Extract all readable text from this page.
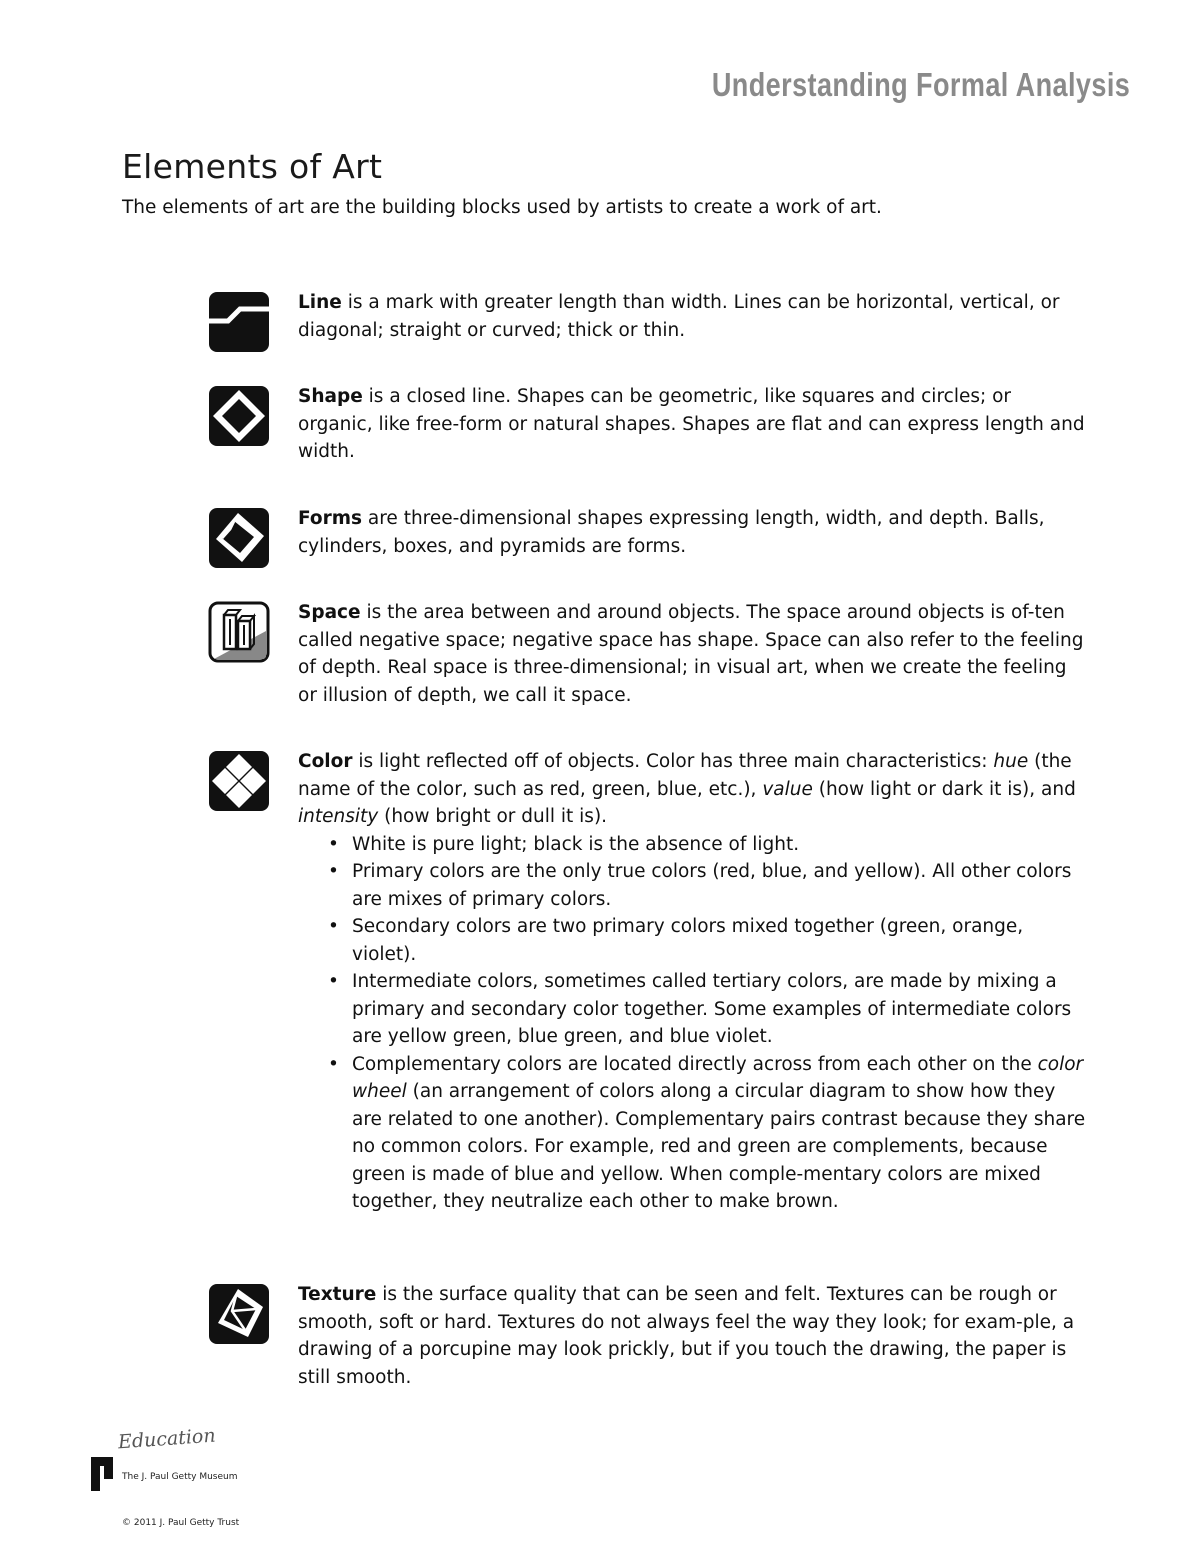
Understanding Formal Analysis
Elements of Art

The elements of art are the building blocks used by artists to create a work of art.

Line is a mark with greater length than width. Lines can be horizontal, vertical, or diagonal; straight or curved; thick or thin.
Shape is a closed line. Shapes can be geometric, like squares and circles; or organic, like free-form or natural shapes. Shapes are flat and can express length and width.
Forms are three-dimensional shapes expressing length, width, and depth. Balls, cylinders, boxes, and pyramids are forms.
Space is the area between and around objects. The space around objects is of-ten called negative space; negative space has shape. Space can also refer to the feeling of depth. Real space is three-dimensional; in visual art, when we create the feeling or illusion of depth, we call it space.
Color is light reflected off of objects. Color has three main characteristics: hue (the name of the color, such as red, green, blue, etc.), value (how light or dark it is), and intensity (how bright or dull it is).
• White is pure light; black is the absence of light.
• Primary colors are the only true colors (red, blue, and yellow). All other colors are mixes of primary colors.
• Secondary colors are two primary colors mixed together (green, orange, violet).
• Intermediate colors, sometimes called tertiary colors, are made by mixing a primary and secondary color together. Some examples of intermediate colors are yellow green, blue green, and blue violet.
• Complementary colors are located directly across from each other on the color wheel (an arrangement of colors along a circular diagram to show how they are related to one another). Complementary pairs contrast because they share no common colors. For example, red and green are complements, because green is made of blue and yellow. When comple-mentary colors are mixed together, they neutralize each other to make brown.
Texture is the surface quality that can be seen and felt. Textures can be rough or smooth, soft or hard. Textures do not always feel the way they look; for exam-ple, a drawing of a porcupine may look prickly, but if you touch the drawing, the paper is still smooth.
Education
The J. Paul Getty Museum
© 2011 J. Paul Getty Trust
